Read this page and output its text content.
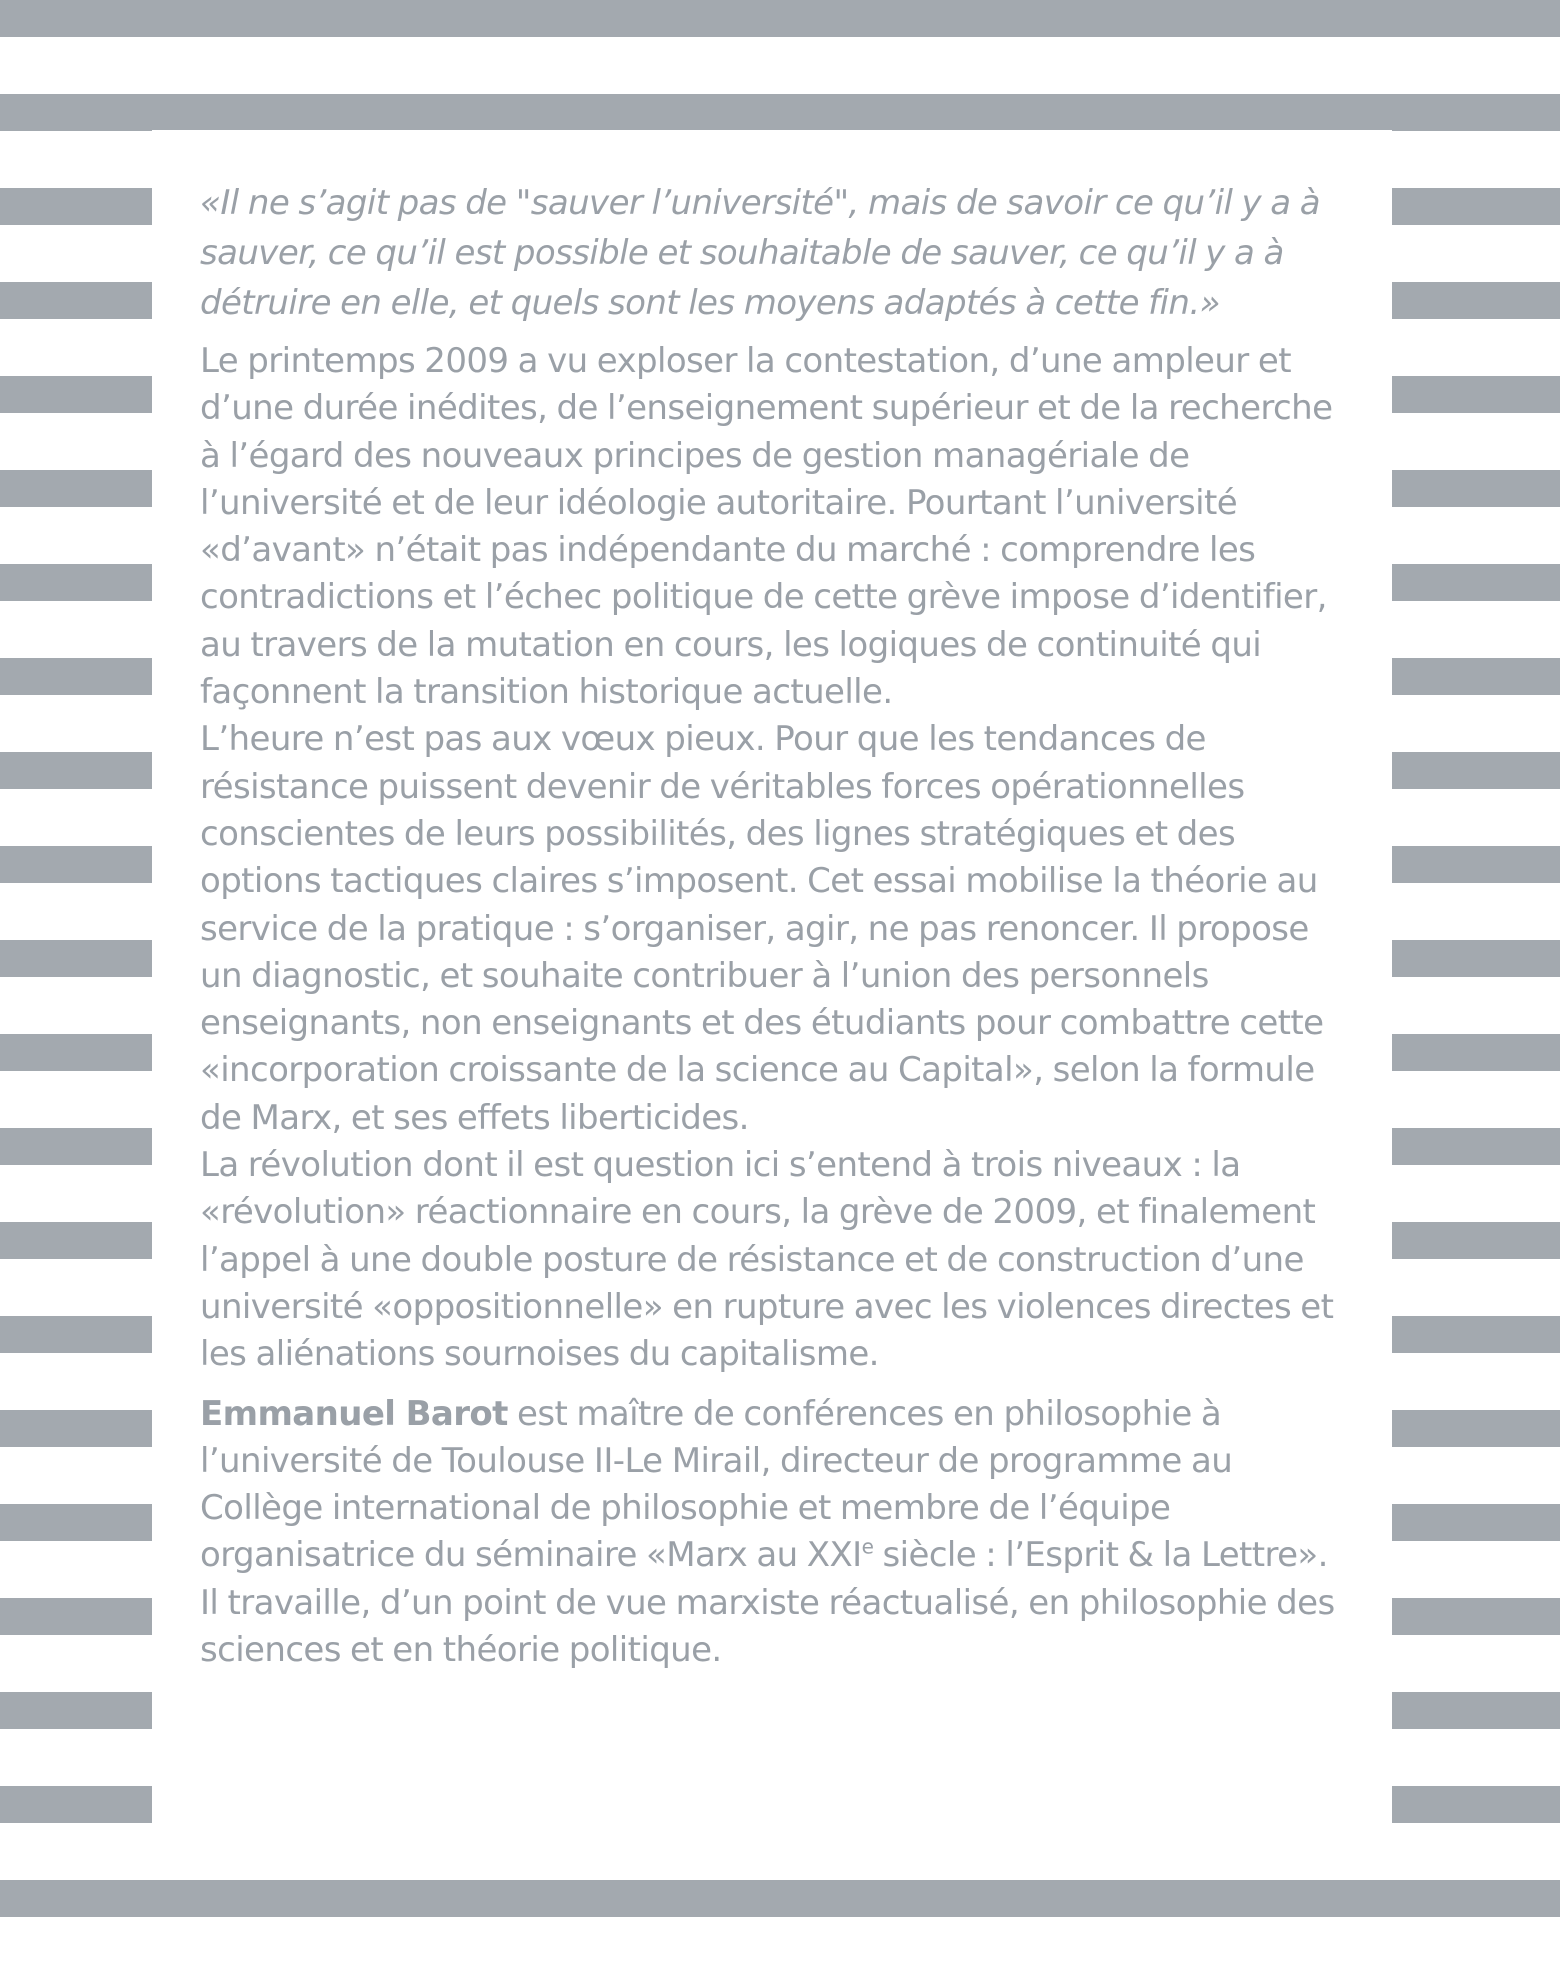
«Il ne s’agit pas de "sauver l’université", mais de savoir ce qu’il y a à sauver, ce qu’il est possible et souhaitable de sauver, ce qu’il y a à détruire en elle, et quels sont les moyens adaptés à cette fin.»

Le printemps 2009 a vu exploser la contestation, d’une ampleur et d’une durée inédites, de l’enseignement supérieur et de la recherche à l’égard des nouveaux principes de gestion managériale de l’université et de leur idéologie autoritaire. Pourtant l’université «d’avant» n’était pas indépendante du marché : comprendre les contradictions et l’échec politique de cette grève impose d’identifier, au travers de la mutation en cours, les logiques de continuité qui façonnent la transition historique actuelle.

L’heure n’est pas aux vœux pieux. Pour que les tendances de résistance puissent devenir de véritables forces opérationnelles conscientes de leurs possibilités, des lignes stratégiques et des options tactiques claires s’imposent. Cet essai mobilise la théorie au service de la pratique : s’organiser, agir, ne pas renoncer. Il propose un diagnostic, et souhaite contribuer à l’union des personnels enseignants, non enseignants et des étudiants pour combattre cette «incorporation croissante de la science au Capital», selon la formule de Marx, et ses effets liberticides.

La révolution dont il est question ici s’entend à trois niveaux : la «révolution» réactionnaire en cours, la grève de 2009, et finalement l’appel à une double posture de résistance et de construction d’une université «oppositionnelle» en rupture avec les violences directes et les aliénations sournoises du capitalisme.

Emmanuel Barot est maître de conférences en philosophie à l’université de Toulouse II-Le Mirail, directeur de programme au Collège international de philosophie et membre de l’équipe organisatrice du séminaire «Marx au XXIe siècle : l’Esprit & la Lettre». Il travaille, d’un point de vue marxiste réactualisé, en philosophie des sciences et en théorie politique.
